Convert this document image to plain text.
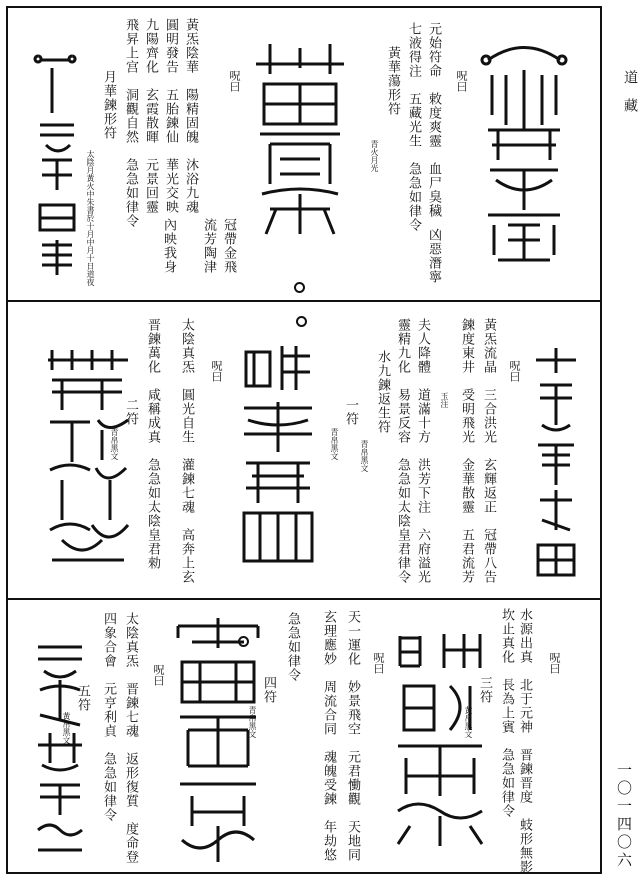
道藏
一〇一四〇六
元始符命　敕度爽靈　血尸臭穢
七液得注　五藏光生　急急如律令
凶惡潛寧
黃華蕩形符
青火月光
黃炁陰華　陽精固魄　沐浴九魂
冠帶金飛
圓明發告　五胎鍊仙　華光交映
流芳陶津
九陽齊化　玄霞散暉　元景回靈
內映我身
飛昇上宫　洞觀自然　急急如律令
月華鍊形符
太陰月黃火中朱書於十月中月十日道夜
呪曰
呪曰
黃炁流晶　三合洪光　玄輝返正　冠帶八告
鍊度東井　受明飛光　金華散靈　五君流芳
玉注
夫人降體　道滿十方　洪芳下注　六府溢光
靈精九化　易景反容　急急如太陰皇君律令
水九鍊返生符
青帛黑文
一符
青帛黑文
太陰真炁　圓光自生　灌鍊七魂　高奔上玄
晋鍊萬化　咸稱成真　急急如太陰皇君勑
二符
青帛黑文
呪曰
呪曰
水源出真　北于元神　晋鍊晋度　蚑形無影
坎止真化　長為上賓　急急如律令
三符
黃帛黑文
天一運化　妙景飛空　元君慟觀　天地同
玄理應妙　周流合同　魂魄受鍊　年劫悠
急急如律令
四符
青帛黑文
太陰真炁　晋鍊七魂　返形復質　度命登
四象合會　元亨利貞　急急如律令
五符
黃帛黑文
呪曰
呪曰
呪曰
